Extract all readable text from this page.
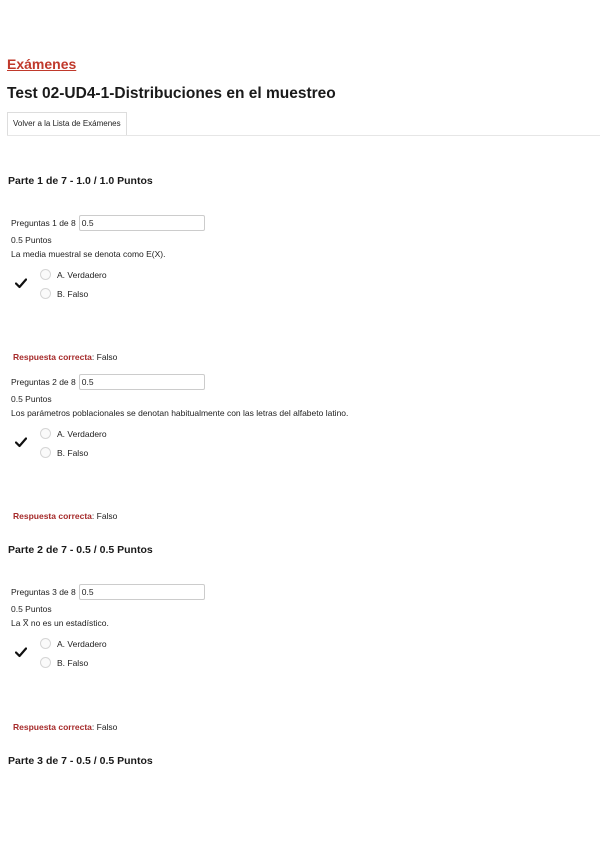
Exámenes
Test 02-UD4-1-Distribuciones en el muestreo
Volver a la Lista de Exámenes
Parte 1 de 7 - 1.0 / 1.0 Puntos
Preguntas 1 de 8
0.5
0.5 Puntos
La media muestral se denota como E(X).
A. Verdadero
B. Falso
Respuesta correcta: Falso
Preguntas 2 de 8
0.5
0.5 Puntos
Los parámetros poblacionales se denotan habitualmente con las letras del alfabeto latino.
A. Verdadero
B. Falso
Respuesta correcta: Falso
Parte 2 de 7 - 0.5 / 0.5 Puntos
Preguntas 3 de 8
0.5
0.5 Puntos
La X̅ no es un estadístico.
A. Verdadero
B. Falso
Respuesta correcta: Falso
Parte 3 de 7 - 0.5 / 0.5 Puntos
